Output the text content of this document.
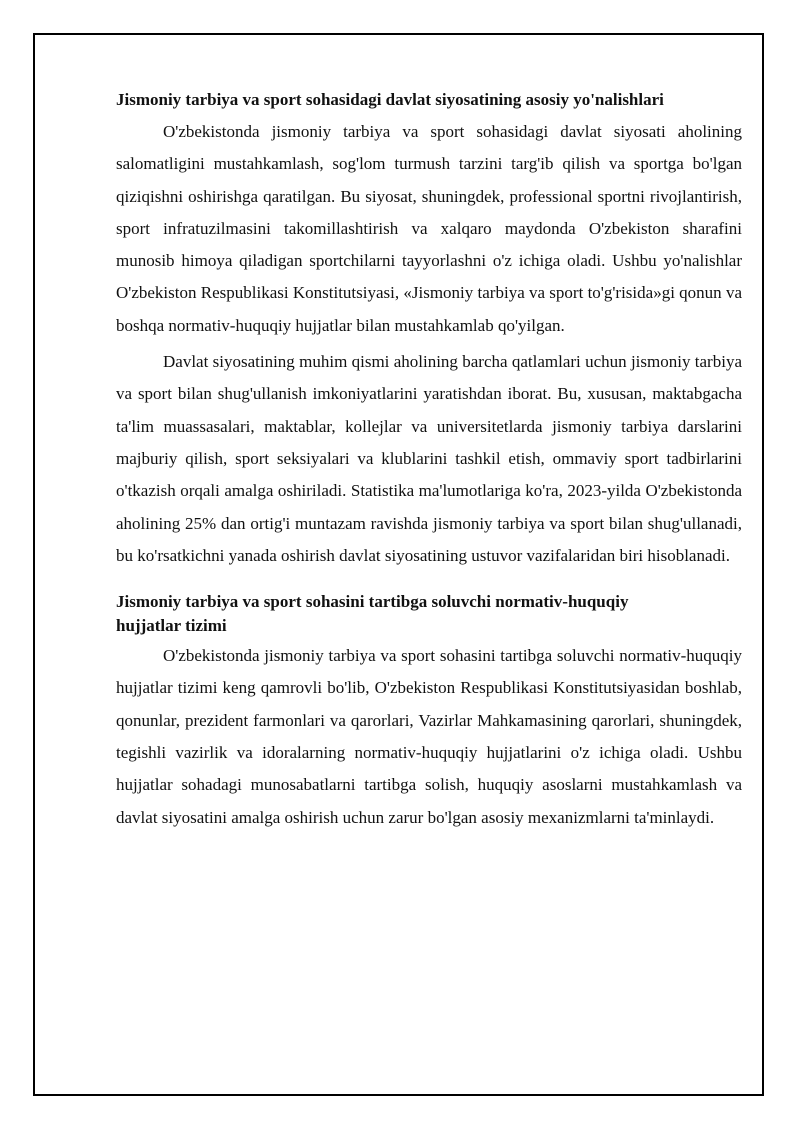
Jismoniy tarbiya va sport sohasidagi davlat siyosatining asosiy yo'nalishlari

O'zbekistonda jismoniy tarbiya va sport sohasidagi davlat siyosati aholining salomatligini mustahkamlash, sog'lom turmush tarzini targ'ib qilish va sportga bo'lgan qiziqishni oshirishga qaratilgan. Bu siyosat, shuningdek, professional sportni rivojlantirish, sport infratuzilmasini takomillashtirish va xalqaro maydonda O'zbekiston sharafini munosib himoya qiladigan sportchilarni tayyorlashni o'z ichiga oladi. Ushbu yo'nalishlar O'zbekiston Respublikasi Konstitutsiyasi, «Jismoniy tarbiya va sport to'g'risida»gi qonun va boshqa normativ-huquqiy hujjatlar bilan mustahkamlab qo'yilgan.

Davlat siyosatining muhim qismi aholining barcha qatlamlari uchun jismoniy tarbiya va sport bilan shug'ullanish imkoniyatlarini yaratishdan iborat. Bu, xususan, maktabgacha ta'lim muassasalari, maktablar, kollejlar va universitetlarda jismoniy tarbiya darslarini majburiy qilish, sport seksiyalari va klublarini tashkil etish, ommaviy sport tadbirlarini o'tkazish orqali amalga oshiriladi. Statistika ma'lumotlariga ko'ra, 2023-yilda O'zbekistonda aholining 25% dan ortig'i muntazam ravishda jismoniy tarbiya va sport bilan shug'ullanadi, bu ko'rsatkichni yanada oshirish davlat siyosatining ustuvor vazifalaridan biri hisoblanadi.

Jismoniy tarbiya va sport sohasini tartibga soluvchi normativ-huquqiy
hujjatlar tizimi

O'zbekistonda jismoniy tarbiya va sport sohasini tartibga soluvchi normativ-huquqiy hujjatlar tizimi keng qamrovli bo'lib, O'zbekiston Respublikasi Konstitutsiyasidan boshlab, qonunlar, prezident farmonlari va qarorlari, Vazirlar Mahkamasining qarorlari, shuningdek, tegishli vazirlik va idoralarning normativ-huquqiy hujjatlarini o'z ichiga oladi. Ushbu hujjatlar sohadagi munosabatlarni tartibga solish, huquqiy asoslarni mustahkamlash va davlat siyosatini amalga oshirish uchun zarur bo'lgan asosiy mexanizmlarni ta'minlaydi.
